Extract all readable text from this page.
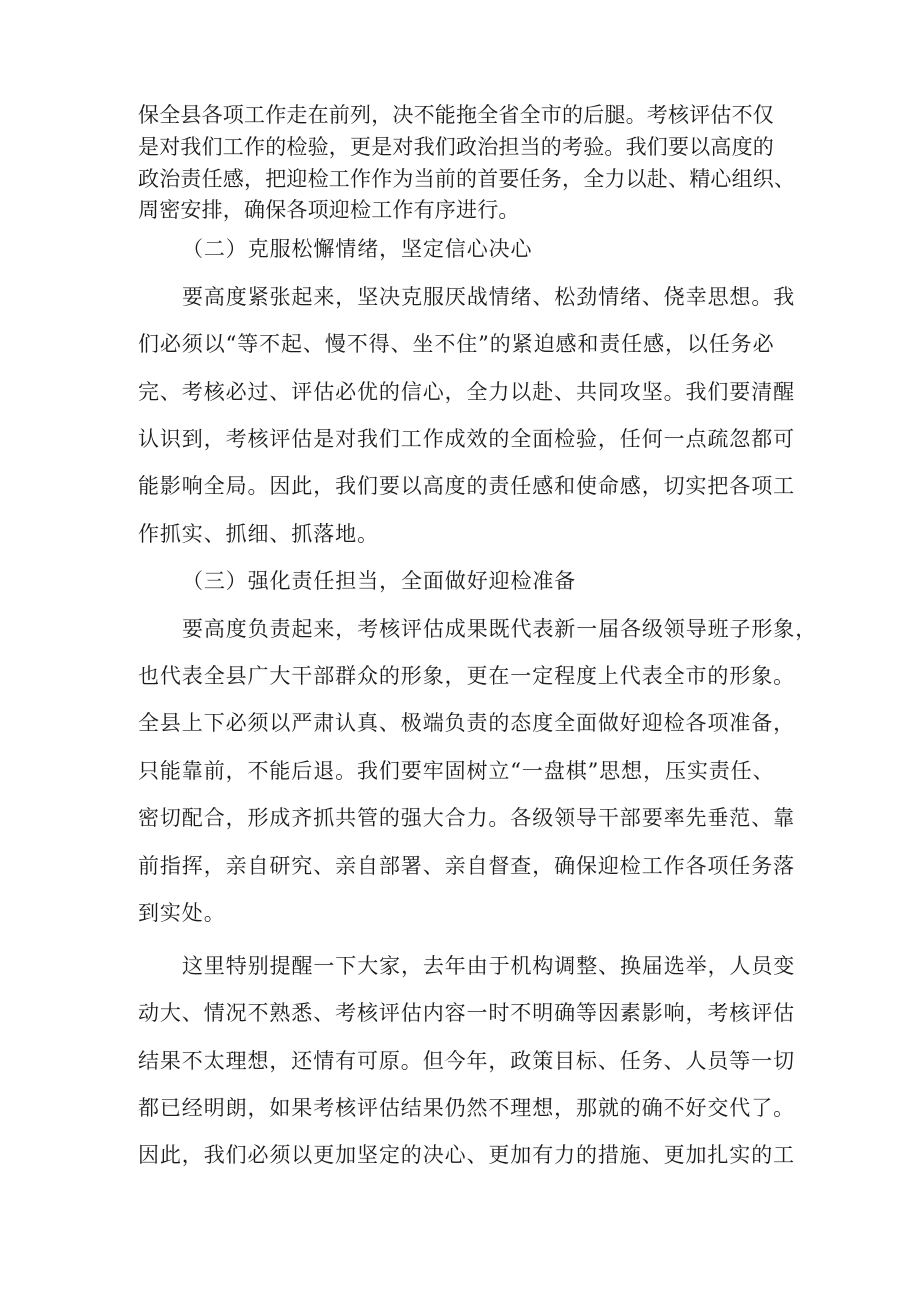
保全县各项工作走在前列，决不能拖全省全市的后腿。考核评估不仅

是对我们工作的检验，更是对我们政治担当的考验。我们要以高度的

政治责任感，把迎检工作作为当前的首要任务，全力以赴、精心组织、

周密安排，确保各项迎检工作有序进行。

（二）克服松懈情绪，坚定信心决心

要高度紧张起来，坚决克服厌战情绪、松劲情绪、侥幸思想。我

们必须以“等不起、慢不得、坐不住”的紧迫感和责任感，以任务必

完、考核必过、评估必优的信心，全力以赴、共同攻坚。我们要清醒

认识到，考核评估是对我们工作成效的全面检验，任何一点疏忽都可

能影响全局。因此，我们要以高度的责任感和使命感，切实把各项工

作抓实、抓细、抓落地。

（三）强化责任担当，全面做好迎检准备

要高度负责起来，考核评估成果既代表新一届各级领导班子形象，

也代表全县广大干部群众的形象，更在一定程度上代表全市的形象。

全县上下必须以严肃认真、极端负责的态度全面做好迎检各项准备，

只能靠前，不能后退。我们要牢固树立“一盘棋”思想，压实责任、

密切配合，形成齐抓共管的强大合力。各级领导干部要率先垂范、靠

前指挥，亲自研究、亲自部署、亲自督查，确保迎检工作各项任务落

到实处。

这里特别提醒一下大家，去年由于机构调整、换届选举，人员变

动大、情况不熟悉、考核评估内容一时不明确等因素影响，考核评估

结果不太理想，还情有可原。但今年，政策目标、任务、人员等一切

都已经明朗，如果考核评估结果仍然不理想，那就的确不好交代了。

因此，我们必须以更加坚定的决心、更加有力的措施、更加扎实的工
